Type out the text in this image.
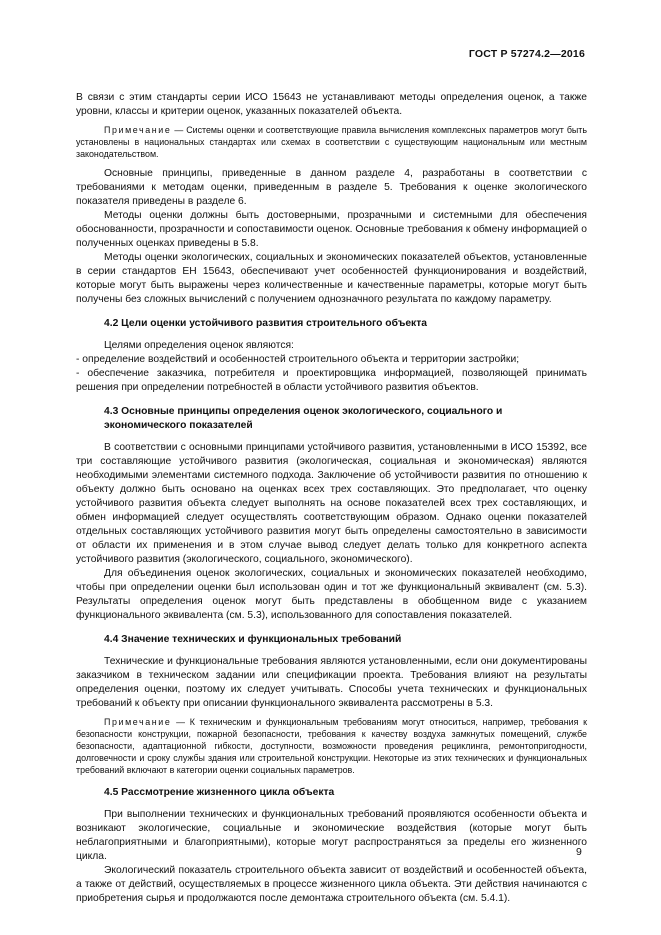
ГОСТ Р 57274.2—2016

В связи с этим стандарты серии ИСО 15643 не устанавливают методы определения оценок, а также уровни, классы и критерии оценок, указанных показателей объекта.

Примечание — Системы оценки и соответствующие правила вычисления комплексных параметров могут быть установлены в национальных стандартах или схемах в соответствии с существующим национальным или местным законодательством.

Основные принципы, приведенные в данном разделе 4, разработаны в соответствии с требованиями к методам оценки, приведенным в разделе 5. Требования к оценке экологического показателя приведены в разделе 6.

Методы оценки должны быть достоверными, прозрачными и системными для обеспечения обоснованности, прозрачности и сопоставимости оценок. Основные требования к обмену информацией о полученных оценках приведены в 5.8.

Методы оценки экологических, социальных и экономических показателей объектов, установленные в серии стандартов ЕН 15643, обеспечивают учет особенностей функционирования и воздействий, которые могут быть выражены через количественные и качественные параметры, которые могут быть получены без сложных вычислений с получением однозначного результата по каждому параметру.

4.2 Цели оценки устойчивого развития строительного объекта

Целями определения оценок являются:

- определение воздействий и особенностей строительного объекта и территории застройки;

- обеспечение заказчика, потребителя и проектировщика информацией, позволяющей принимать решения при определении потребностей в области устойчивого развития объектов.

4.3 Основные принципы определения оценок экологического, социального и экономического показателей

В соответствии с основными принципами устойчивого развития, установленными в ИСО 15392, все три составляющие устойчивого развития (экологическая, социальная и экономическая) являются необходимыми элементами системного подхода. Заключение об устойчивости развития по отношению к объекту должно быть основано на оценках всех трех составляющих. Это предполагает, что оценку устойчивого развития объекта следует выполнять на основе показателей всех трех составляющих, и обмен информацией следует осуществлять соответствующим образом. Однако оценки показателей отдельных составляющих устойчивого развития могут быть определены самостоятельно в зависимости от области их применения и в этом случае вывод следует делать только для конкретного аспекта устойчивого развития (экологического, социального, экономического).

Для объединения оценок экологических, социальных и экономических показателей необходимо, чтобы при определении оценки был использован один и тот же функциональный эквивалент (см. 5.3). Результаты определения оценок могут быть представлены в обобщенном виде с указанием функционального эквивалента (см. 5.3), использованного для сопоставления показателей.

4.4 Значение технических и функциональных требований

Технические и функциональные требования являются установленными, если они документированы заказчиком в техническом задании или спецификации проекта. Требования влияют на результаты определения оценки, поэтому их следует учитывать. Способы учета технических и функциональных требований к объекту при описании функционального эквивалента рассмотрены в 5.3.

Примечание — К техническим и функциональным требованиям могут относиться, например, требования к безопасности конструкции, пожарной безопасности, требования к качеству воздуха замкнутых помещений, службе безопасности, адаптационной гибкости, доступности, возможности проведения рециклинга, ремонтопригодности, долговечности и сроку службы здания или строительной конструкции. Некоторые из этих технических и функциональных требований включают в категории оценки социальных параметров.

4.5 Рассмотрение жизненного цикла объекта

При выполнении технических и функциональных требований проявляются особенности объекта и возникают экологические, социальные и экономические воздействия (которые могут быть неблагоприятными и благоприятными), которые могут распространяться за пределы его жизненного цикла.

Экологический показатель строительного объекта зависит от воздействий и особенностей объекта, а также от действий, осуществляемых в процессе жизненного цикла объекта. Эти действия начинаются с приобретения сырья и продолжаются после демонтажа строительного объекта (см. 5.4.1).

9
